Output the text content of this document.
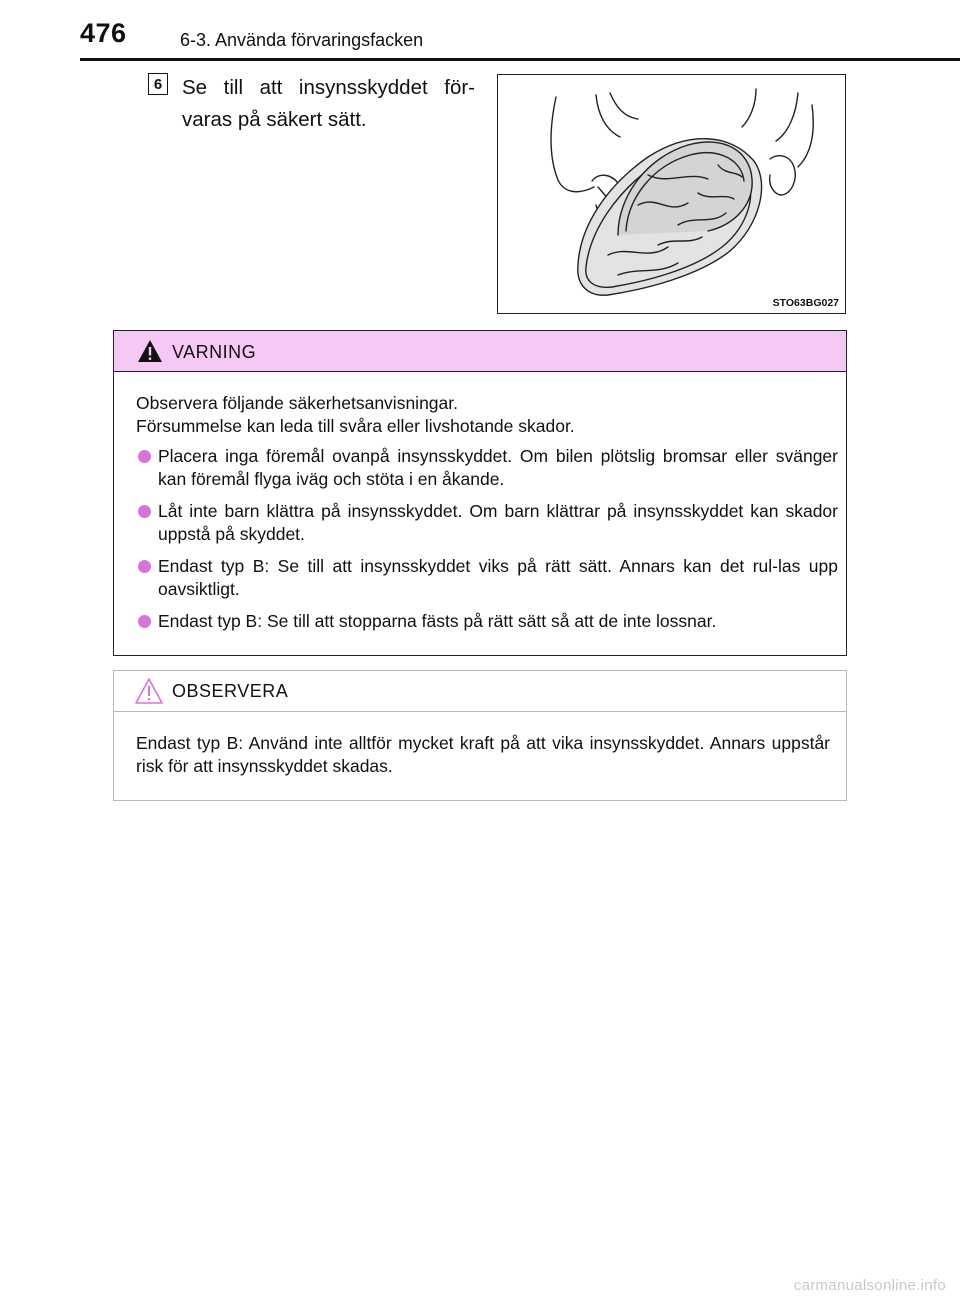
476	6-3. Använda förvaringsfacken
6 Se till att insynsskyddet för-varas på säkert sätt.
STO63BG027
VARNING

Observera följande säkerhetsanvisningar.

Försummelse kan leda till svåra eller livshotande skador.

Placera inga föremål ovanpå insynsskyddet. Om bilen plötslig bromsar eller svänger kan föremål flyga iväg och stöta i en åkande.
Låt inte barn klättra på insynsskyddet. Om barn klättrar på insynsskyddet kan skador uppstå på skyddet.
Endast typ B: Se till att insynsskyddet viks på rätt sätt. Annars kan det rul-las upp oavsiktligt.
Endast typ B: Se till att stopparna fästs på rätt sätt så att de inte lossnar.
OBSERVERA
Endast typ B: Använd inte alltför mycket kraft på att vika insynsskyddet. Annars uppstår risk för att insynsskyddet skadas.
carmanualsonline.info
